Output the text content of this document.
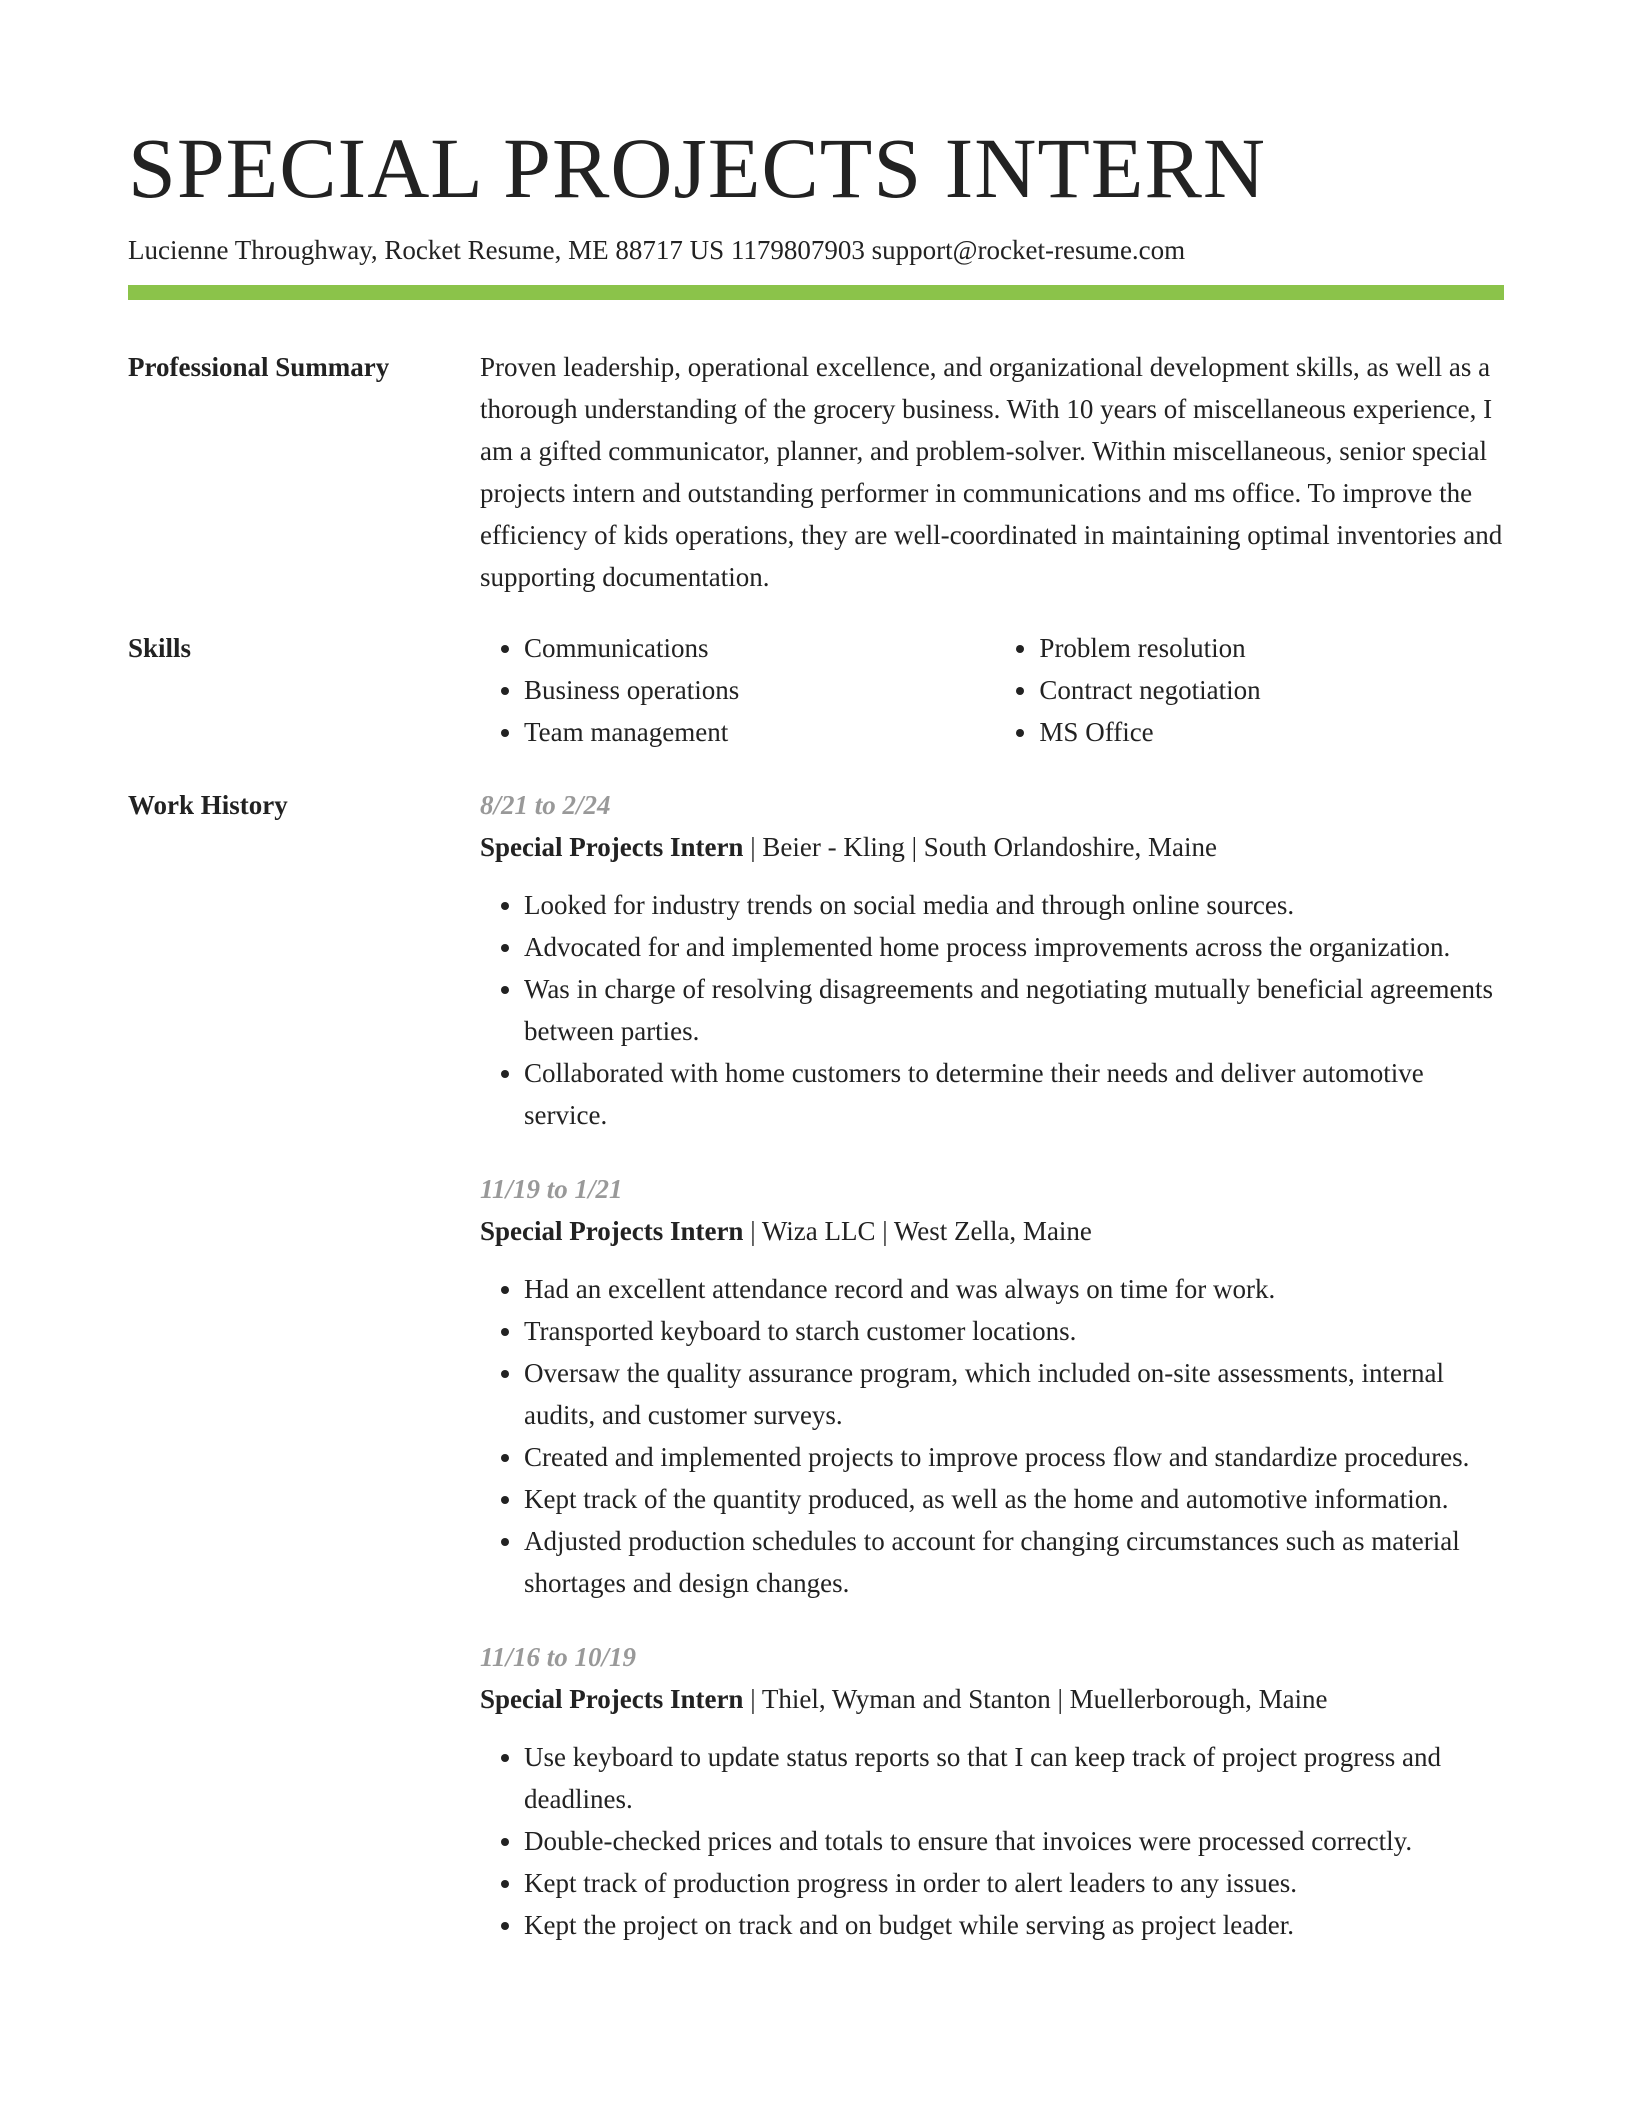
SPECIAL PROJECTS INTERN
Lucienne Throughway, Rocket Resume, ME 88717 US 1179807903 support@rocket-resume.com
Professional Summary	Proven leadership, operational excellence, and organizational development skills, as well as a thorough understanding of the grocery business. With 10 years of miscellaneous experience, I am a gifted communicator, planner, and problem-solver. Within miscellaneous, senior special projects intern and outstanding performer in communications and ms office. To improve the efficiency of kids operations, they are well-coordinated in maintaining optimal inventories and supporting documentation.

Skills
•	Communications
• Business operations
• Team management
• Problem resolution
• Contract negotiation
• MS Office
Work History	8/21 to 2/24
Special Projects Intern | Beier - Kling | South Orlandoshire, Maine
• Looked for industry trends on social media and through online sources.
• Advocated for and implemented home process improvements across the organization.
• Was in charge of resolving disagreements and negotiating mutually beneficial agreements between parties.
• Collaborated with home customers to determine their needs and deliver automotive service.
11/19 to 1/21
Special Projects Intern | Wiza LLC | West Zella, Maine
• Had an excellent attendance record and was always on time for work.
• Transported keyboard to starch customer locations.
• Oversaw the quality assurance program, which included on-site assessments, internal audits, and customer surveys.
• Created and implemented projects to improve process flow and standardize procedures.
• Kept track of the quantity produced, as well as the home and automotive information.
• Adjusted production schedules to account for changing circumstances such as material shortages and design changes.
11/16 to 10/19
Special Projects Intern | Thiel, Wyman and Stanton | Muellerborough, Maine
• Use keyboard to update status reports so that I can keep track of project progress and deadlines.
• Double-checked prices and totals to ensure that invoices were processed correctly.
• Kept track of production progress in order to alert leaders to any issues.
• Kept the project on track and on budget while serving as project leader.
